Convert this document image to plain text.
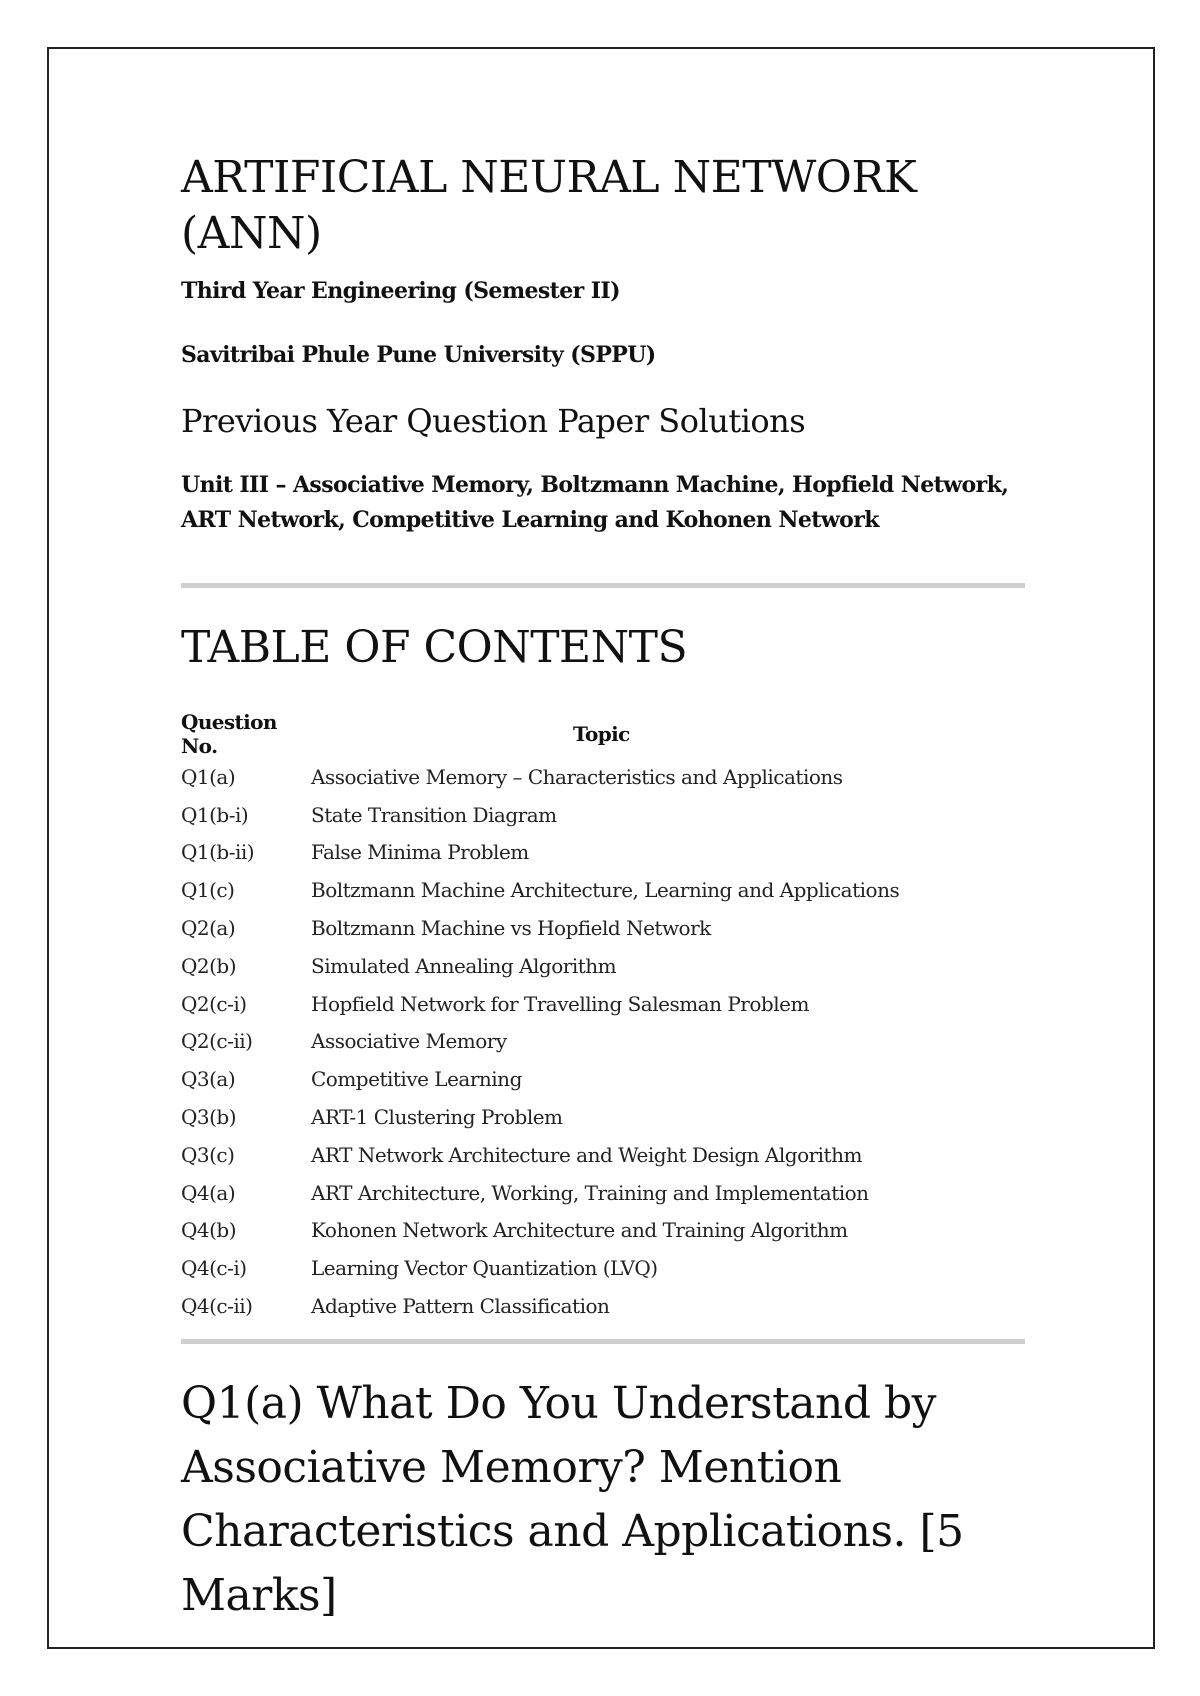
ARTIFICIAL NEURAL NETWORK (ANN)

Third Year Engineering (Semester II)

Savitribai Phule Pune University (SPPU)

Previous Year Question Paper Solutions

Unit III – Associative Memory, Boltzmann Machine, Hopfield Network, ART Network, Competitive Learning and Kohonen Network

TABLE OF CONTENTS
Question No.	Topic
Q1(a)	Associative Memory – Characteristics and Applications
Q1(b-i)	State Transition Diagram
Q1(b-ii)	False Minima Problem
Q1(c)	Boltzmann Machine Architecture, Learning and Applications
Q2(a)	Boltzmann Machine vs Hopfield Network
Q2(b)	Simulated Annealing Algorithm
Q2(c-i)	Hopfield Network for Travelling Salesman Problem
Q2(c-ii)	Associative Memory
Q3(a)	Competitive Learning
Q3(b)	ART-1 Clustering Problem
Q3(c)	ART Network Architecture and Weight Design Algorithm
Q4(a)	ART Architecture, Working, Training and Implementation
Q4(b)	Kohonen Network Architecture and Training Algorithm
Q4(c-i)	Learning Vector Quantization (LVQ)
Q4(c-ii)	Adaptive Pattern Classification
Q1(a) What Do You Understand by Associative Memory? Mention Characteristics and Applications. [5 Marks]
